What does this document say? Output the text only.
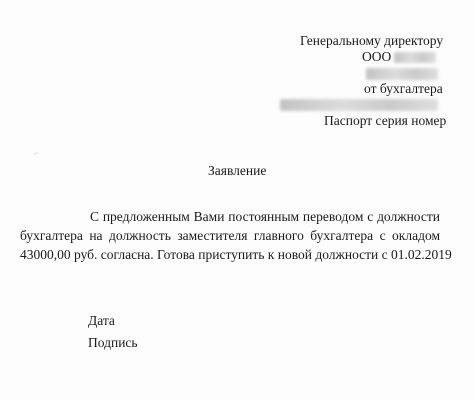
Генеральному директору
ООО
от бухгалтера
Паспорт серия номер
⌐
Заявление
С предложенным Вами постоянным переводом с должности
бухгалтера на должность заместителя главного бухгалтера с окладом
43000,00 руб. согласна. Готова приступить к новой должности с 01.02.2019
Дата
Подпись
